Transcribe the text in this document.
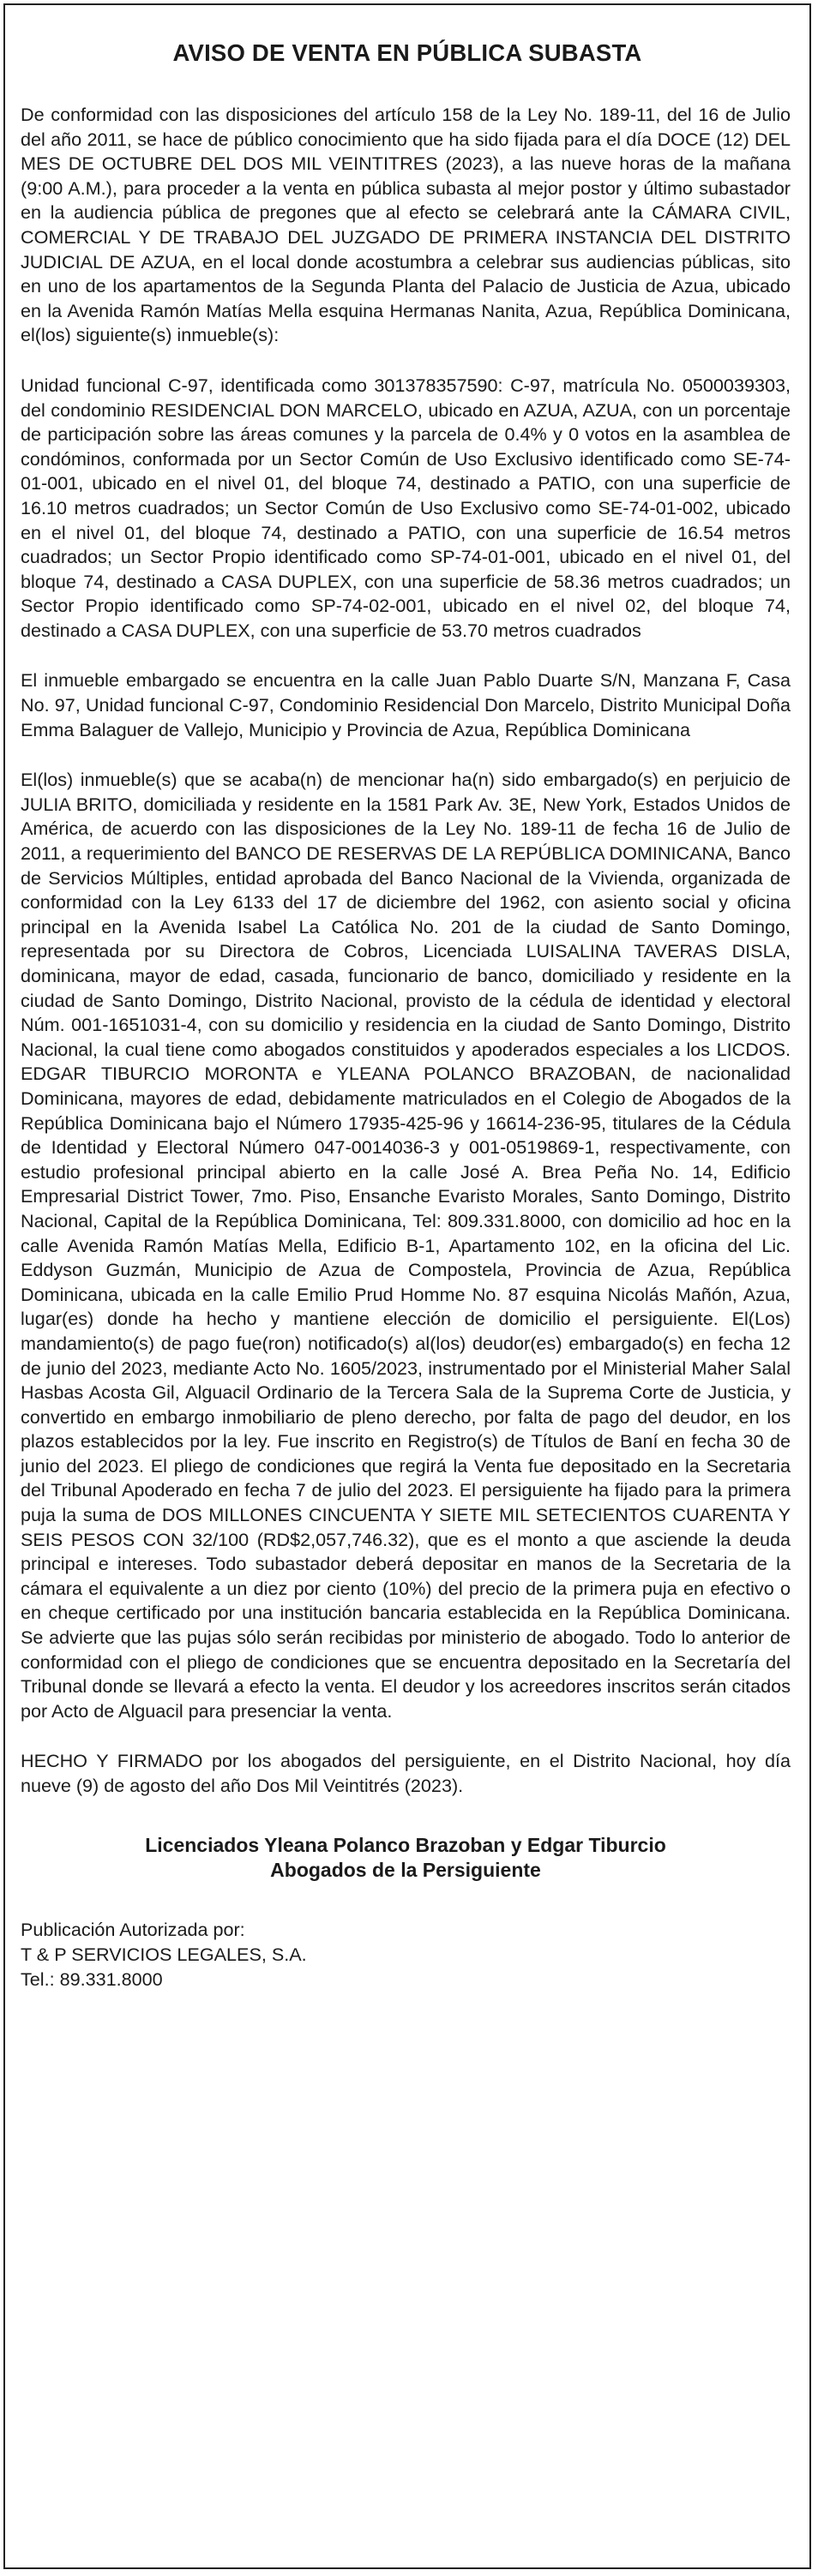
AVISO DE VENTA EN PÚBLICA SUBASTA

De conformidad con las disposiciones del artículo 158 de la Ley No. 189-11, del 16 de Julio del año 2011, se hace de público conocimiento que ha sido fijada para el día DOCE (12) DEL MES DE OCTUBRE DEL DOS MIL VEINTITRES (2023), a las nueve horas de la mañana (9:00 A.M.), para proceder a la venta en pública subasta al mejor postor y último subastador en la audiencia pública de pregones que al efecto se celebrará ante la CÁMARA CIVIL, COMERCIAL Y DE TRABAJO DEL JUZGADO DE PRIMERA INSTANCIA DEL DISTRITO JUDICIAL DE AZUA, en el local donde acostumbra a celebrar sus audiencias públicas, sito en uno de los apartamentos de la Segunda Planta del Palacio de Justicia de Azua, ubicado en la Avenida Ramón Matías Mella esquina Hermanas Nanita, Azua, República Dominicana, el(los) siguiente(s) inmueble(s):

Unidad funcional C-97, identificada como 301378357590: C-97, matrícula No. 0500039303, del condominio RESIDENCIAL DON MARCELO, ubicado en AZUA, AZUA, con un porcentaje de participación sobre las áreas comunes y la parcela de 0.4% y 0 votos en la asamblea de condóminos, conformada por un Sector Común de Uso Exclusivo identificado como SE-74-01-001, ubicado en el nivel 01, del bloque 74, destinado a PATIO, con una superficie de 16.10 metros cuadrados; un Sector Común de Uso Exclusivo como SE-74-01-002, ubicado en el nivel 01, del bloque 74, destinado a PATIO, con una superficie de 16.54 metros cuadrados; un Sector Propio identificado como SP-74-01-001, ubicado en el nivel 01, del bloque 74, destinado a CASA DUPLEX, con una superficie de 58.36 metros cuadrados; un Sector Propio identificado como SP-74-02-001, ubicado en el nivel 02, del bloque 74, destinado a CASA DUPLEX, con una superficie de 53.70 metros cuadrados

El inmueble embargado se encuentra en la calle Juan Pablo Duarte S/N, Manzana F, Casa No. 97, Unidad funcional C-97, Condominio Residencial Don Marcelo, Distrito Municipal Doña Emma Balaguer de Vallejo, Municipio y Provincia de Azua, República Dominicana

El(los) inmueble(s) que se acaba(n) de mencionar ha(n) sido embargado(s) en perjuicio de JULIA BRITO, domiciliada y residente en la 1581 Park Av. 3E, New York, Estados Unidos de América, de acuerdo con las disposiciones de la Ley No. 189-11 de fecha 16 de Julio de 2011, a requerimiento del BANCO DE RESERVAS DE LA REPÚBLICA DOMINICANA, Banco de Servicios Múltiples, entidad aprobada del Banco Nacional de la Vivienda, organizada de conformidad con la Ley 6133 del 17 de diciembre del 1962, con asiento social y oficina principal en la Avenida Isabel La Católica No. 201 de la ciudad de Santo Domingo, representada por su Directora de Cobros, Licenciada LUISALINA TAVERAS DISLA, dominicana, mayor de edad, casada, funcionario de banco, domiciliado y residente en la ciudad de Santo Domingo, Distrito Nacional, provisto de la cédula de identidad y electoral Núm. 001-1651031-4, con su domicilio y residencia en la ciudad de Santo Domingo, Distrito Nacional, la cual tiene como abogados constituidos y apoderados especiales a los LICDOS. EDGAR TIBURCIO MORONTA e YLEANA POLANCO BRAZOBAN, de nacionalidad Dominicana, mayores de edad, debidamente matriculados en el Colegio de Abogados de la República Dominicana bajo el Número 17935-425-96 y 16614-236-95, titulares de la Cédula de Identidad y Electoral Número 047-0014036-3 y 001-0519869-1, respectivamente, con estudio profesional principal abierto en la calle José A. Brea Peña No. 14, Edificio Empresarial District Tower, 7mo. Piso, Ensanche Evaristo Morales, Santo Domingo, Distrito Nacional, Capital de la República Dominicana, Tel: 809.331.8000, con domicilio ad hoc en la calle Avenida Ramón Matías Mella, Edificio B-1, Apartamento 102, en la oficina del Lic. Eddyson Guzmán, Municipio de Azua de Compostela, Provincia de Azua, República Dominicana, ubicada en la calle Emilio Prud Homme No. 87 esquina Nicolás Mañón, Azua, lugar(es) donde ha hecho y mantiene elección de domicilio el persiguiente. El(Los) mandamiento(s) de pago fue(ron) notificado(s) al(los) deudor(es) embargado(s) en fecha 12 de junio del 2023, mediante Acto No. 1605/2023, instrumentado por el Ministerial Maher Salal Hasbas Acosta Gil, Alguacil Ordinario de la Tercera Sala de la Suprema Corte de Justicia, y convertido en embargo inmobiliario de pleno derecho, por falta de pago del deudor, en los plazos establecidos por la ley. Fue inscrito en Registro(s) de Títulos de Baní en fecha 30 de junio del 2023. El pliego de condiciones que regirá la Venta fue depositado en la Secretaria del Tribunal Apoderado en fecha 7 de julio del 2023. El persiguiente ha fijado para la primera puja la suma de DOS MILLONES CINCUENTA Y SIETE MIL SETECIENTOS CUARENTA Y SEIS PESOS CON 32/100 (RD$2,057,746.32), que es el monto a que asciende la deuda principal e intereses. Todo subastador deberá depositar en manos de la Secretaria de la cámara el equivalente a un diez por ciento (10%) del precio de la primera puja en efectivo o en cheque certificado por una institución bancaria establecida en la República Dominicana. Se advierte que las pujas sólo serán recibidas por ministerio de abogado. Todo lo anterior de conformidad con el pliego de condiciones que se encuentra depositado en la Secretaría del Tribunal donde se llevará a efecto la venta. El deudor y los acreedores inscritos serán citados por Acto de Alguacil para presenciar la venta.

HECHO Y FIRMADO por los abogados del persiguiente, en el Distrito Nacional, hoy día nueve (9) de agosto del año Dos Mil Veintitrés (2023).

Licenciados Yleana Polanco Brazoban y Edgar Tiburcio
Abogados de la Persiguiente
Publicación Autorizada por:
T & P SERVICIOS LEGALES, S.A.
Tel.: 89.331.8000
